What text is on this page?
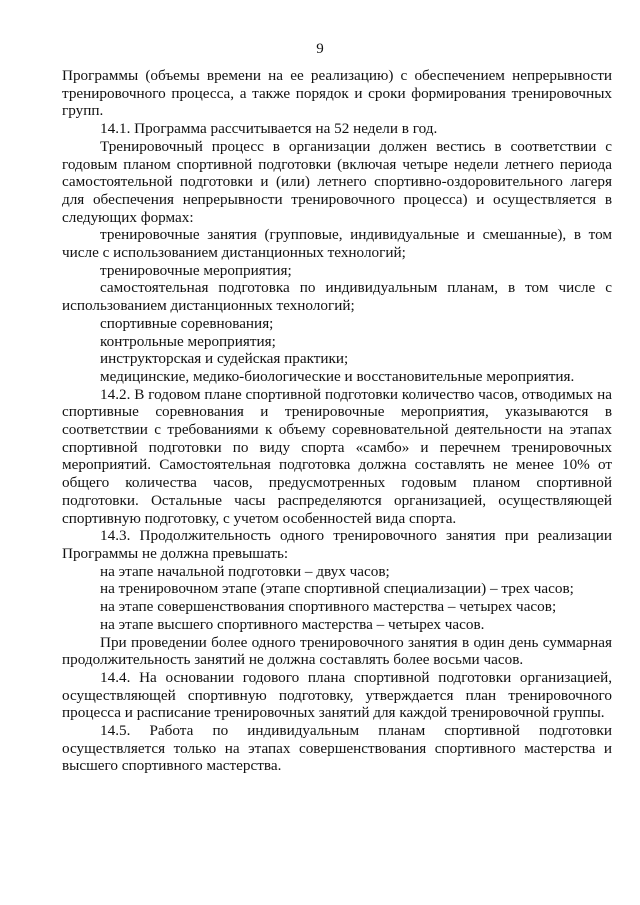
9

Программы (объемы времени на ее реализацию) с обеспечением непрерывности тренировочного процесса, а также порядок и сроки формирования тренировочных групп.

14.1. Программа рассчитывается на 52 недели в год.

Тренировочный процесс в организации должен вестись в соответствии с годовым планом спортивной подготовки (включая четыре недели летнего периода самостоятельной подготовки и (или) летнего спортивно-оздоровительного лагеря для обеспечения непрерывности тренировочного процесса) и осуществляется в следующих формах:

тренировочные занятия (групповые, индивидуальные и смешанные), в том числе с использованием дистанционных технологий;

тренировочные мероприятия;

самостоятельная подготовка по индивидуальным планам, в том числе с использованием дистанционных технологий;

спортивные соревнования;

контрольные мероприятия;

инструкторская и судейская практики;

медицинские, медико-биологические и восстановительные мероприятия.

14.2. В годовом плане спортивной подготовки количество часов, отводимых на спортивные соревнования и тренировочные мероприятия, указываются в соответствии с требованиями к объему соревновательной деятельности на этапах спортивной подготовки по виду спорта «самбо» и перечнем тренировочных мероприятий. Самостоятельная подготовка должна составлять не менее 10% от общего количества часов, предусмотренных годовым планом спортивной подготовки. Остальные часы распределяются организацией, осуществляющей спортивную подготовку, с учетом особенностей вида спорта.

14.3. Продолжительность одного тренировочного занятия при реализации Программы не должна превышать:

на этапе начальной подготовки – двух часов;

на тренировочном этапе (этапе спортивной специализации) – трех часов;

на этапе совершенствования спортивного мастерства – четырех часов;

на этапе высшего спортивного мастерства – четырех часов.

При проведении более одного тренировочного занятия в один день суммарная продолжительность занятий не должна составлять более восьми часов.

14.4. На основании годового плана спортивной подготовки организацией, осуществляющей спортивную подготовку, утверждается план тренировочного процесса и расписание тренировочных занятий для каждой тренировочной группы.

14.5. Работа по индивидуальным планам спортивной подготовки осуществляется только на этапах совершенствования спортивного мастерства и высшего спортивного мастерства.
